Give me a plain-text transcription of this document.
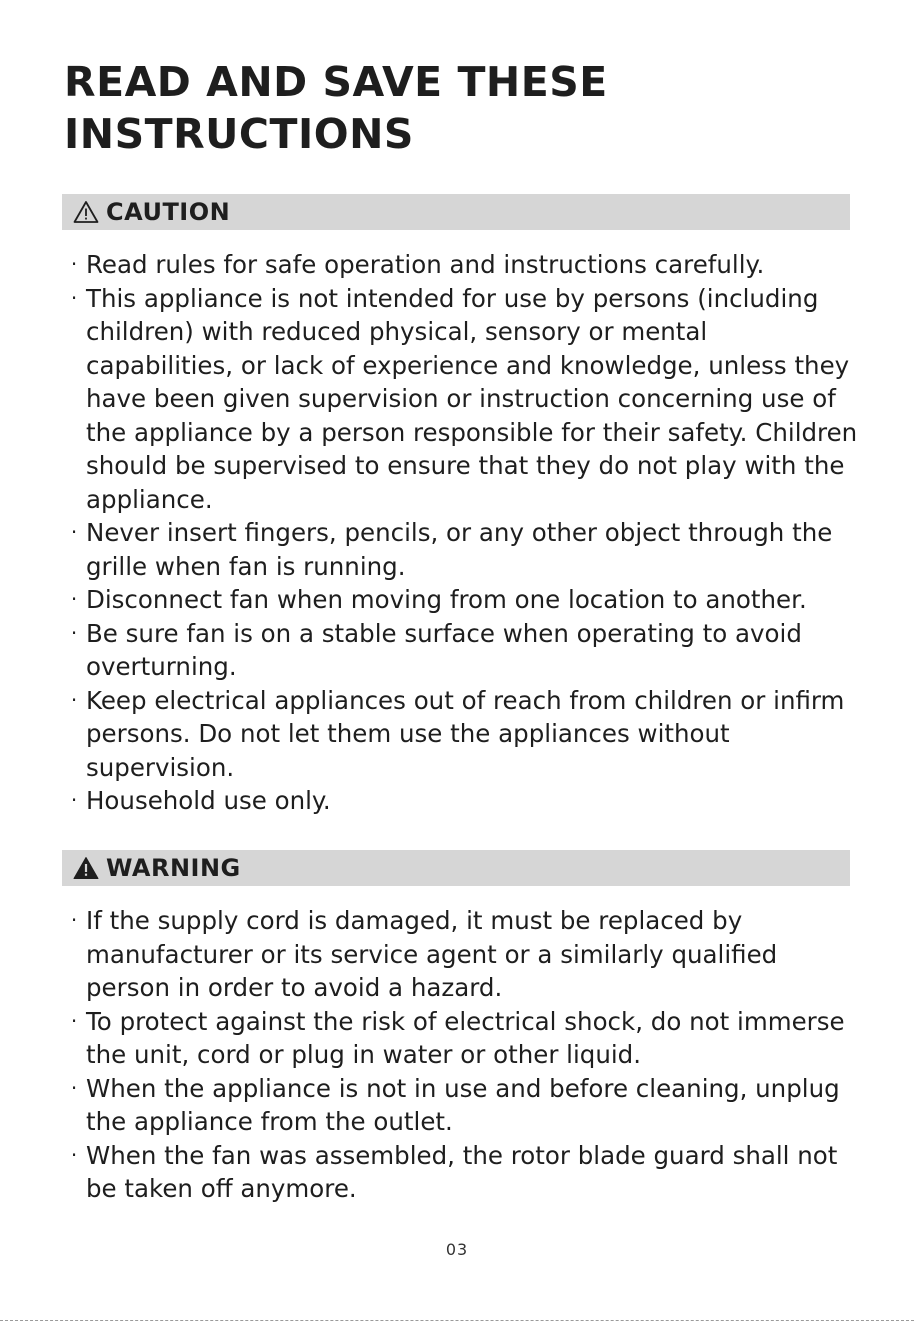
READ AND SAVE THESE INSTRUCTIONS
CAUTION
· Read rules for safe operation and instructions carefully.
· This appliance is not intended for use by persons (including children) with reduced physical, sensory or mental capabilities, or lack of experience and knowledge, unless they have been given supervision or instruction concerning use of the appliance by a person responsible for their safety. Children should be supervised to ensure that they do not play with the appliance.
· Never insert fingers, pencils, or any other object through the grille when fan is running.
· Disconnect fan when moving from one location to another.
· Be sure fan is on a stable surface when operating to avoid overturning.
· Keep electrical appliances out of reach from children or infirm persons. Do not let them use the appliances without supervision.
· Household use only.
WARNING
· If the supply cord is damaged, it must be replaced by manufacturer or its service agent or a similarly qualified person in order to avoid a hazard.
· To protect against the risk of electrical shock, do not immerse the unit, cord or plug in water or other liquid.
· When the appliance is not in use and before cleaning, unplug the appliance from the outlet.
· When the fan was assembled, the rotor blade guard shall not be taken off anymore.
03
